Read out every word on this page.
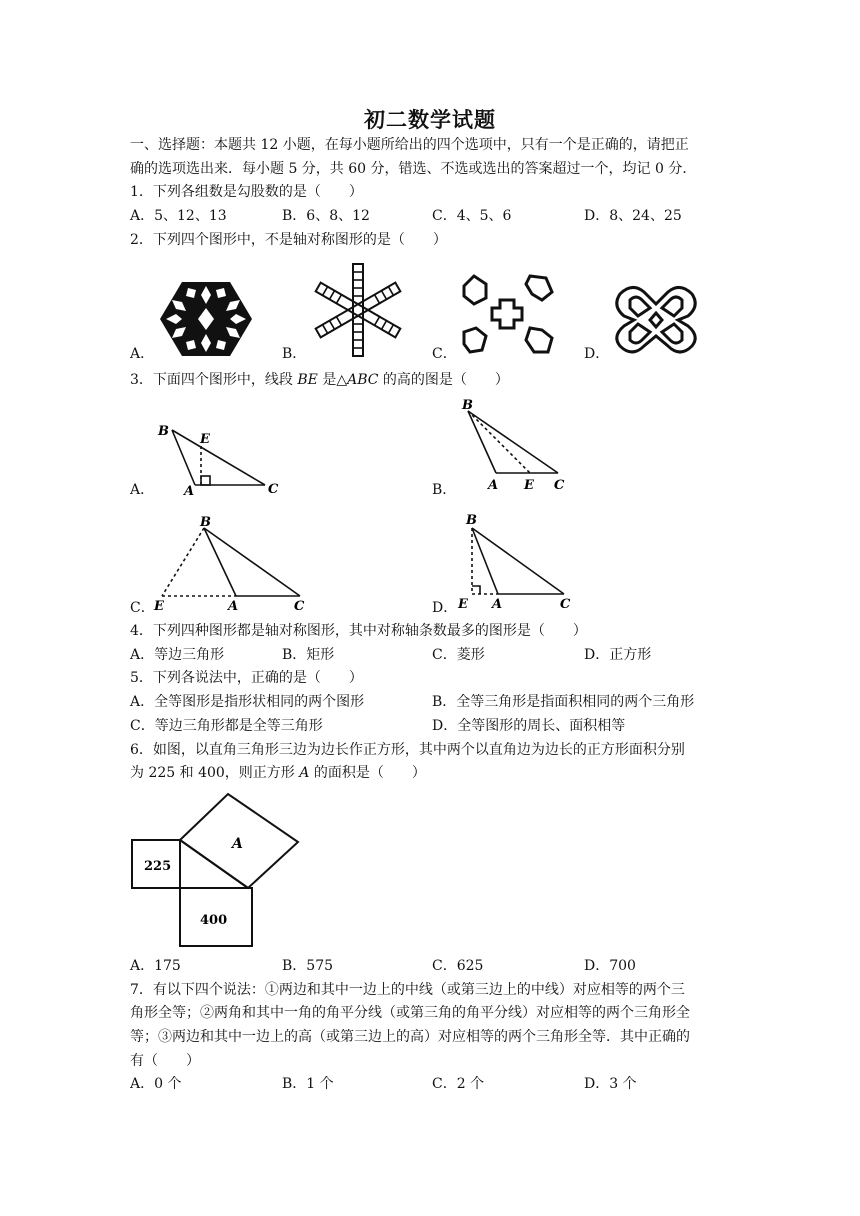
初二数学试题
一、选择题：本题共 12 小题，在每小题所给出的四个选项中，只有一个是正确的，请把正
确的选项选出来．每小题 5 分，共 60 分，错选、不选或选出的答案超过一个，均记 0 分．
1．下列各组数是勾股数的是（　　）
A．5、12、13	B．6、8、12	C．4、5、6	D．8、24、25
2．下列四个图形中，不是轴对称图形的是（　　）
A．	B．	C．	D．
3．下面四个图形中，线段 BE 是△ABC 的高的图是（　　）
A．
B
E
A	C	B．
B
A E C
C．
B
E	A	C	D．
B
E A	C
4．下列四种图形都是轴对称图形，其中对称轴条数最多的图形是（　　）
A．等边三角形	B．矩形	C．菱形	D．正方形
5．下列各说法中，正确的是（　　）
A．全等图形是指形状相同的两个图形	B．全等三角形是指面积相同的两个三角形
C．等边三角形都是全等三角形	D．全等图形的周长、面积相等
6．如图，以直角三角形三边为边长作正方形，其中两个以直角边为边长的正方形面积分别
为 225 和 400，则正方形 A 的面积是（　　）
225
400
A
A．175	B．575	C．625	D．700
7．有以下四个说法：①两边和其中一边上的中线（或第三边上的中线）对应相等的两个三
角形全等；②两角和其中一角的角平分线（或第三角的角平分线）对应相等的两个三角形全
等；③两边和其中一边上的高（或第三边上的高）对应相等的两个三角形全等．其中正确的
有（　　）
A．0 个	B．1 个	C．2 个	D．3 个
